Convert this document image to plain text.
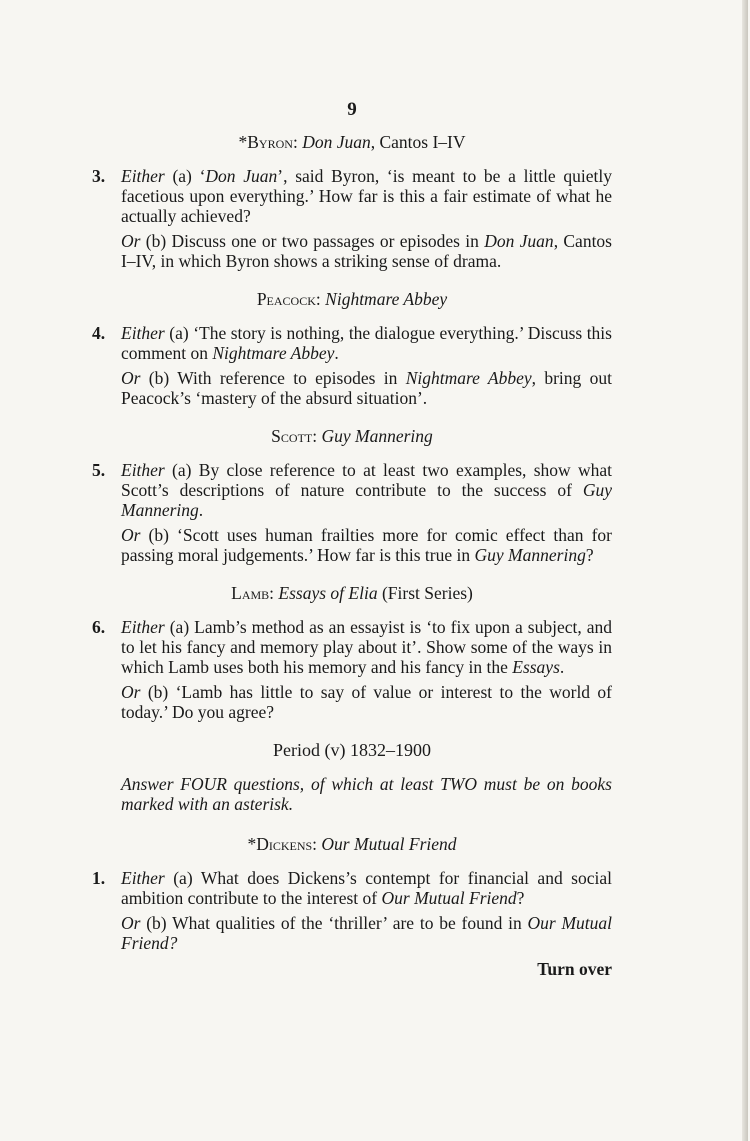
9
*Byron: Don Juan, Cantos I–IV
3. Either (a) ‘Don Juan’, said Byron, ‘is meant to be a little quietly facetious upon everything.’ How far is this a fair estimate of what he actually achieved?
Or (b) Discuss one or two passages or episodes in Don Juan, Cantos I–IV, in which Byron shows a striking sense of drama.
Peacock: Nightmare Abbey
4. Either (a) ‘The story is nothing, the dialogue everything.’ Discuss this comment on Nightmare Abbey.
Or (b) With reference to episodes in Nightmare Abbey, bring out Peacock’s ‘mastery of the absurd situation’.
Scott: Guy Mannering
5. Either (a) By close reference to at least two examples, show what Scott’s descriptions of nature contribute to the success of Guy Mannering.
Or (b) ‘Scott uses human frailties more for comic effect than for passing moral judgements.’ How far is this true in Guy Mannering?
Lamb: Essays of Elia (First Series)
6. Either (a) Lamb’s method as an essayist is ‘to fix upon a subject, and to let his fancy and memory play about it’. Show some of the ways in which Lamb uses both his memory and his fancy in the Essays.
Or (b) ‘Lamb has little to say of value or interest to the world of today.’ Do you agree?
Period (v) 1832–1900
Answer FOUR questions, of which at least TWO must be on books marked with an asterisk.
*Dickens: Our Mutual Friend
1. Either (a) What does Dickens’s contempt for financial and social ambition contribute to the interest of Our Mutual Friend?
Or (b) What qualities of the ‘thriller’ are to be found in Our Mutual Friend?
Turn over
